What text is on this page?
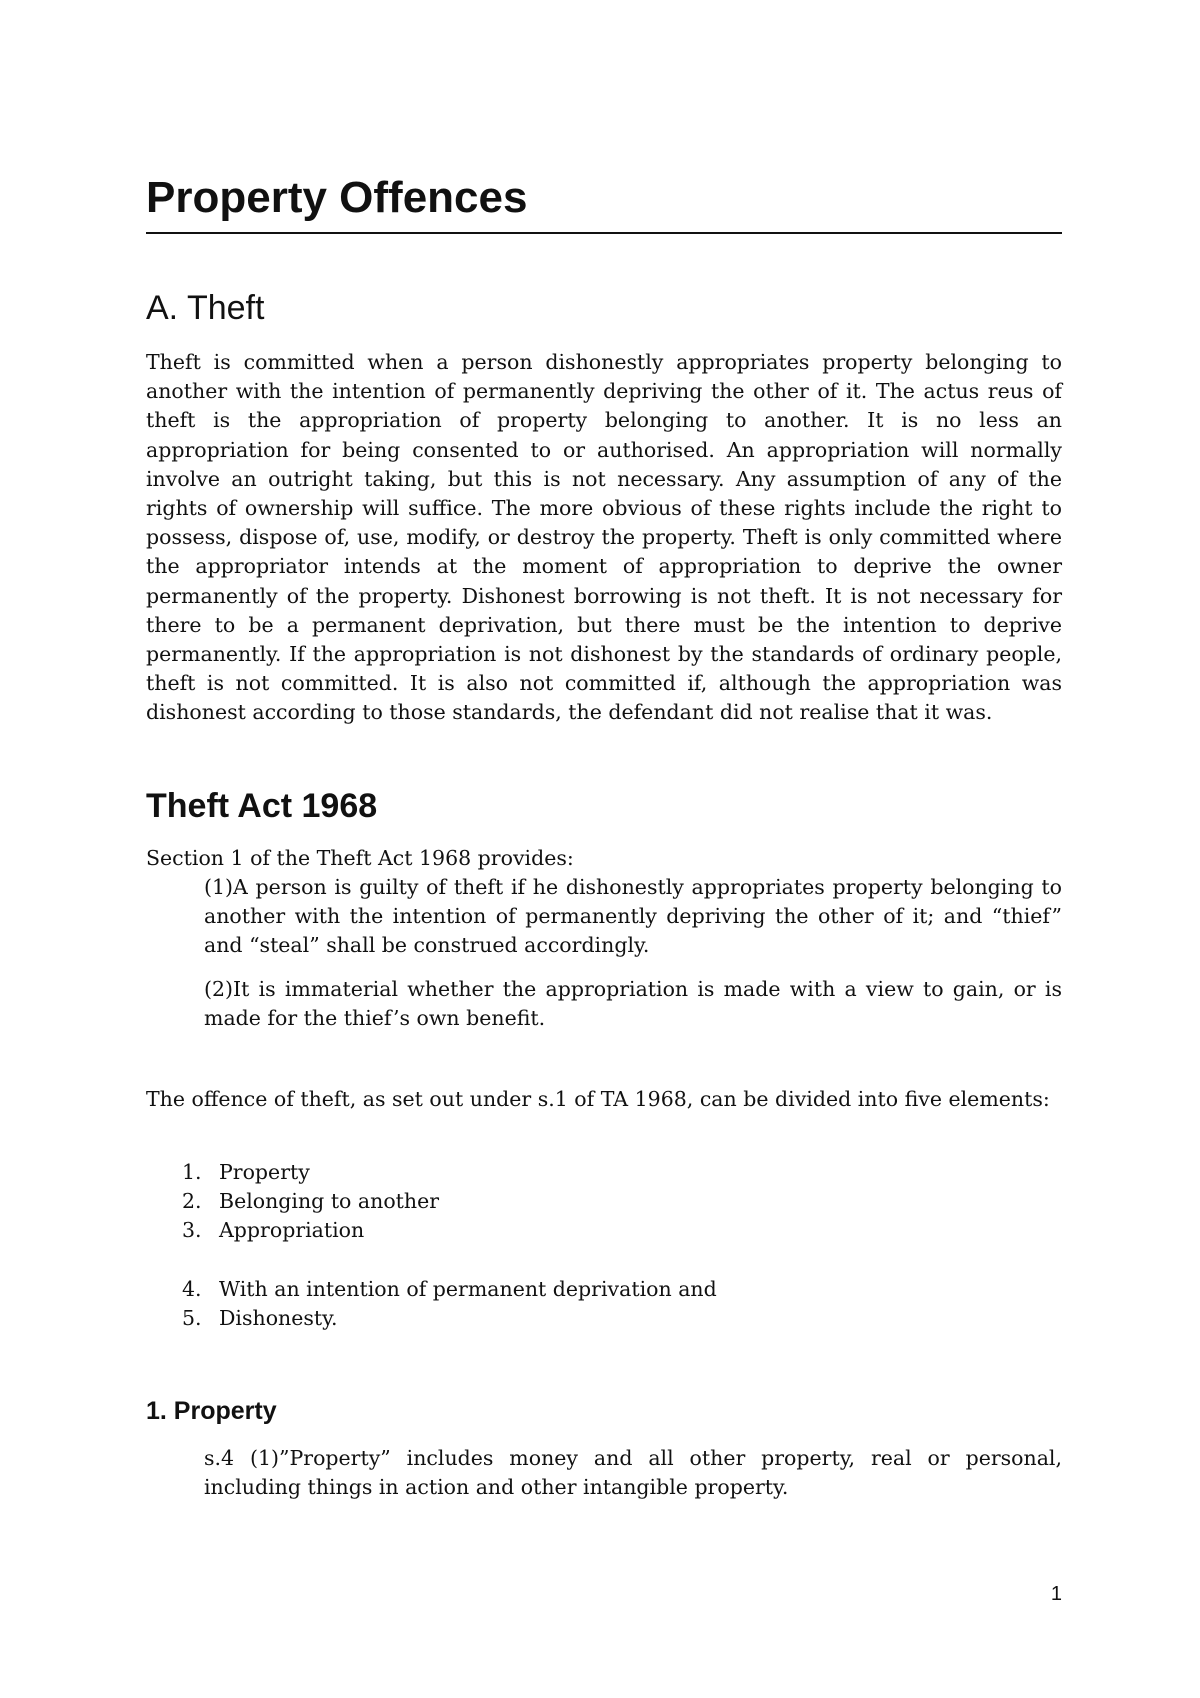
Property Offences
A. Theft

Theft is committed when a person dishonestly appropriates property belonging to another with the intention of permanently depriving the other of it. The actus reus of theft is the appropriation of property belonging to another. It is no less an appropriation for being consented to or authorised. An appropriation will normally involve an outright taking, but this is not necessary. Any assumption of any of the rights of ownership will suffice. The more obvious of these rights include the right to possess, dispose of, use, modify, or destroy the property. Theft is only committed where the appropriator intends at the moment of appropriation to deprive the owner permanently of the property. Dishonest borrowing is not theft. It is not necessary for there to be a permanent deprivation, but there must be the intention to deprive permanently. If the appropriation is not dishonest by the standards of ordinary people, theft is not committed. It is also not committed if, although the appropriation was dishonest according to those standards, the defendant did not realise that it was.

Theft Act 1968

Section 1 of the Theft Act 1968 provides:

(1)A person is guilty of theft if he dishonestly appropriates property belonging to another with the intention of permanently depriving the other of it; and “thief” and “steal” shall be construed accordingly.

(2)It is immaterial whether the appropriation is made with a view to gain, or is made for the thief’s own benefit.

The offence of theft, as set out under s.1 of TA 1968, can be divided into five elements:

1. Property
2. Belonging to another
3. Appropriation
4. With an intention of permanent deprivation and
5. Dishonesty.
1. Property

s.4 (1)”Property” includes money and all other property, real or personal, including things in action and other intangible property.

1
